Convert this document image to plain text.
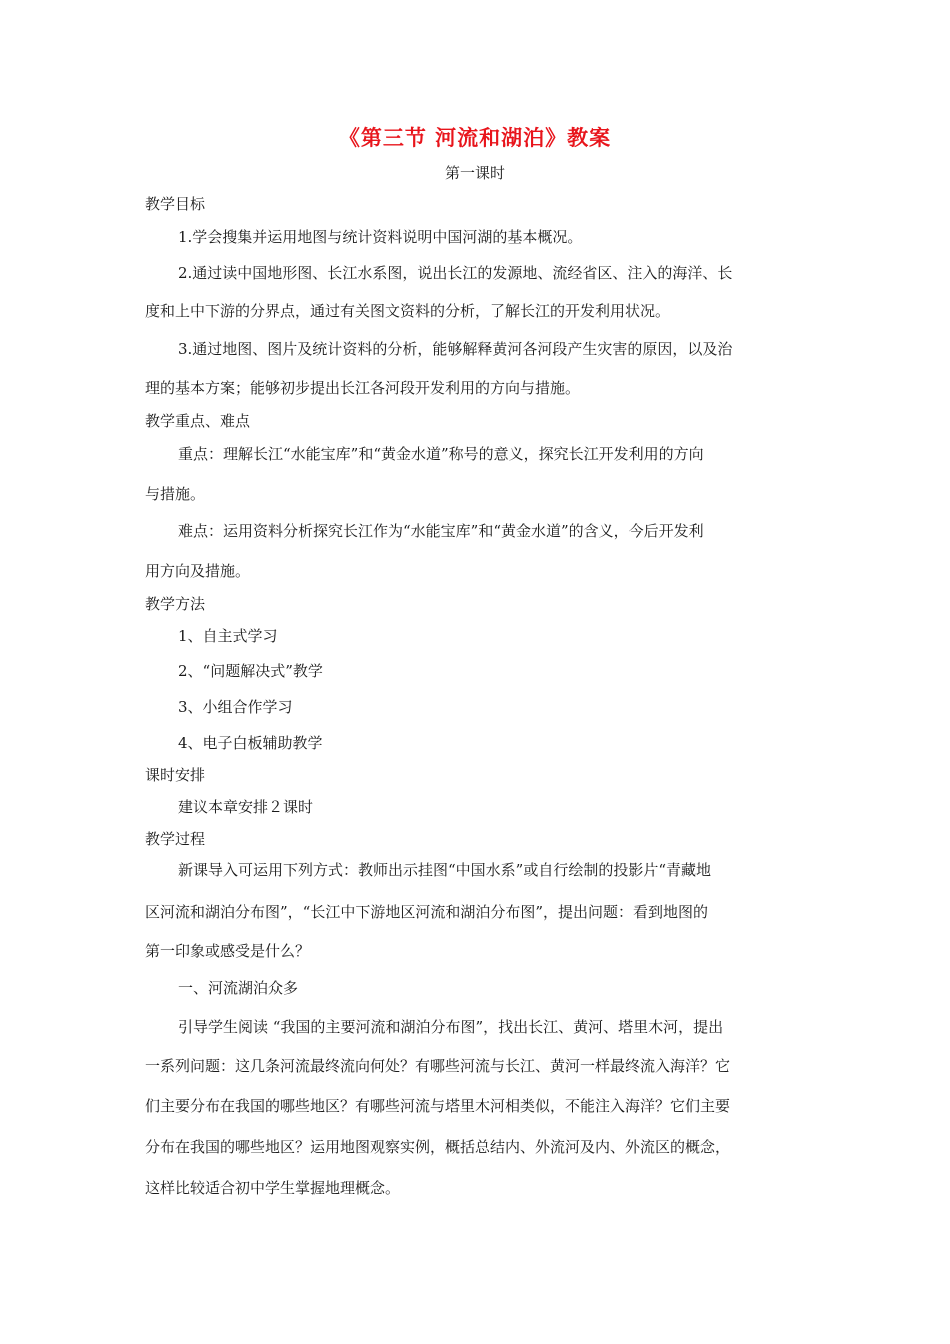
《第三节 河流和湖泊》教案
第一课时
教学目标
1.学会搜集并运用地图与统计资料说明中国河湖的基本概况。
2.通过读中国地形图、长江水系图，说出长江的发源地、流经省区、注入的海洋、长
度和上中下游的分界点，通过有关图文资料的分析，了解长江的开发利用状况。
3.通过地图、图片及统计资料的分析，能够解释黄河各河段产生灾害的原因，以及治
理的基本方案；能够初步提出长江各河段开发利用的方向与措施。
教学重点、难点
重点：理解长江“水能宝库”和“黄金水道”称号的意义，探究长江开发利用的方向
与措施。
难点：运用资料分析探究长江作为“水能宝库”和“黄金水道”的含义，今后开发利
用方向及措施。
教学方法
1、自主式学习
2、“问题解决式”教学
3、小组合作学习
4、电子白板辅助教学
课时安排
建议本章安排２课时
教学过程
新课导入可运用下列方式：教师出示挂图“中国水系”或自行绘制的投影片“青藏地
区河流和湖泊分布图”，“长江中下游地区河流和湖泊分布图”，提出问题：看到地图的
第一印象或感受是什么？
一、河流湖泊众多
引导学生阅读 “我国的主要河流和湖泊分布图”，找出长江、黄河、塔里木河，提出
一系列问题：这几条河流最终流向何处？有哪些河流与长江、黄河一样最终流入海洋？它
们主要分布在我国的哪些地区？有哪些河流与塔里木河相类似，不能注入海洋？它们主要
分布在我国的哪些地区？运用地图观察实例，概括总结内、外流河及内、外流区的概念，
这样比较适合初中学生掌握地理概念。
